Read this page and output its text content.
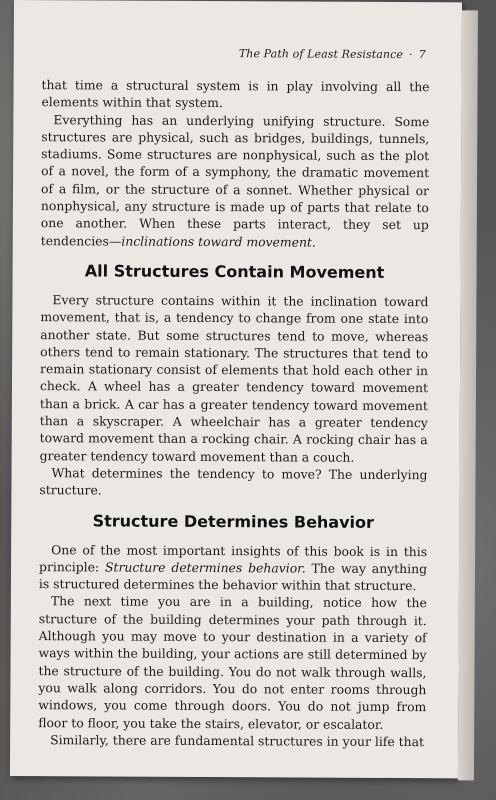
The Path of Least Resistance · 7

that time a structural system is in play involving all the elements within that system.

Everything has an underlying unifying structure. Some structures are physical, such as bridges, buildings, tunnels, stadiums. Some structures are nonphysical, such as the plot of a novel, the form of a symphony, the dramatic movement of a film, or the structure of a sonnet. Whether physical or nonphysical, any structure is made up of parts that relate to one another. When these parts interact, they set up tendencies—inclinations toward movement.

All Structures Contain Movement

Every structure contains within it the inclination toward movement, that is, a tendency to change from one state into another state. But some structures tend to move, whereas others tend to remain stationary. The structures that tend to remain stationary consist of elements that hold each other in check. A wheel has a greater tendency toward movement than a brick. A car has a greater tendency toward movement than a skyscraper. A wheelchair has a greater tendency toward movement than a rocking chair. A rocking chair has a greater tendency toward movement than a couch.

What determines the tendency to move? The underlying structure.

Structure Determines Behavior

One of the most important insights of this book is in this principle: Structure determines behavior. The way anything is structured determines the behavior within that structure.

The next time you are in a building, notice how the structure of the building determines your path through it. Although you may move to your destination in a variety of ways within the building, your actions are still determined by the structure of the building. You do not walk through walls, you walk along corridors. You do not enter rooms through windows, you come through doors. You do not jump from floor to floor, you take the stairs, elevator, or escalator.

Similarly, there are fundamental structures in your life that
